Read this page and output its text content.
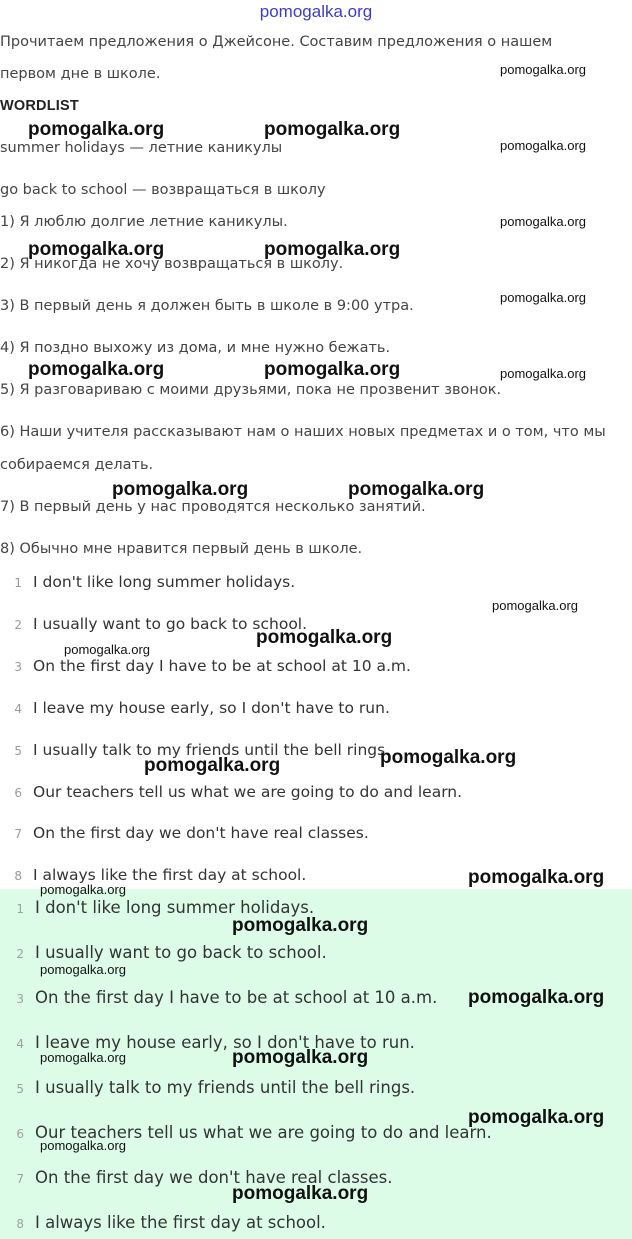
pomogalka.org
Прочитаем предложения о Джейсоне. Составим предложения о нашем
первом дне в школе.
WORDLIST
summer holidays — летние каникулы
go back to school — возвращаться в школу
1) Я люблю долгие летние каникулы.
2) Я никогда не хочу возвращаться в школу.
3) В первый день я должен быть в школе в 9:00 утра.
4) Я поздно выхожу из дома, и мне нужно бежать.
5) Я разговариваю с моими друзьями, пока не прозвенит звонок.
6) Наши учителя рассказывают нам о наших новых предметах и о том, что мы
собираемся делать.
7) В первый день у нас проводятся несколько занятий.
8) Обычно мне нравится первый день в школе.
1 I don't like long summer holidays.
2 I usually want to go back to school.
3 On the first day I have to be at school at 10 a.m.
4 I leave my house early, so I don't have to run.
5 I usually talk to my friends until the bell rings.
6 Our teachers tell us what we are going to do and learn.
7 On the first day we don't have real classes.
8 I always like the first day at school.
1 I don't like long summer holidays.
2 I usually want to go back to school.
3 On the first day I have to be at school at 10 a.m.
4 I leave my house early, so I don't have to run.
5 I usually talk to my friends until the bell rings.
6 Our teachers tell us what we are going to do and learn.
7 On the first day we don't have real classes.
8 I always like the first day at school.
pomogalka.org
pomogalka.org	pomogalka.org
pomogalka.org
pomogalka.org
pomogalka.org	pomogalka.org
pomogalka.org
pomogalka.org	pomogalka.org	pomogalka.org
pomogalka.org	pomogalka.org
pomogalka.org
pomogalka.org
pomogalka.org
pomogalka.org
pomogalka.org
pomogalka.org
pomogalka.org
pomogalka.org
pomogalka.org
pomogalka.org
pomogalka.org	pomogalka.org
pomogalka.org
pomogalka.org
pomogalka.org
